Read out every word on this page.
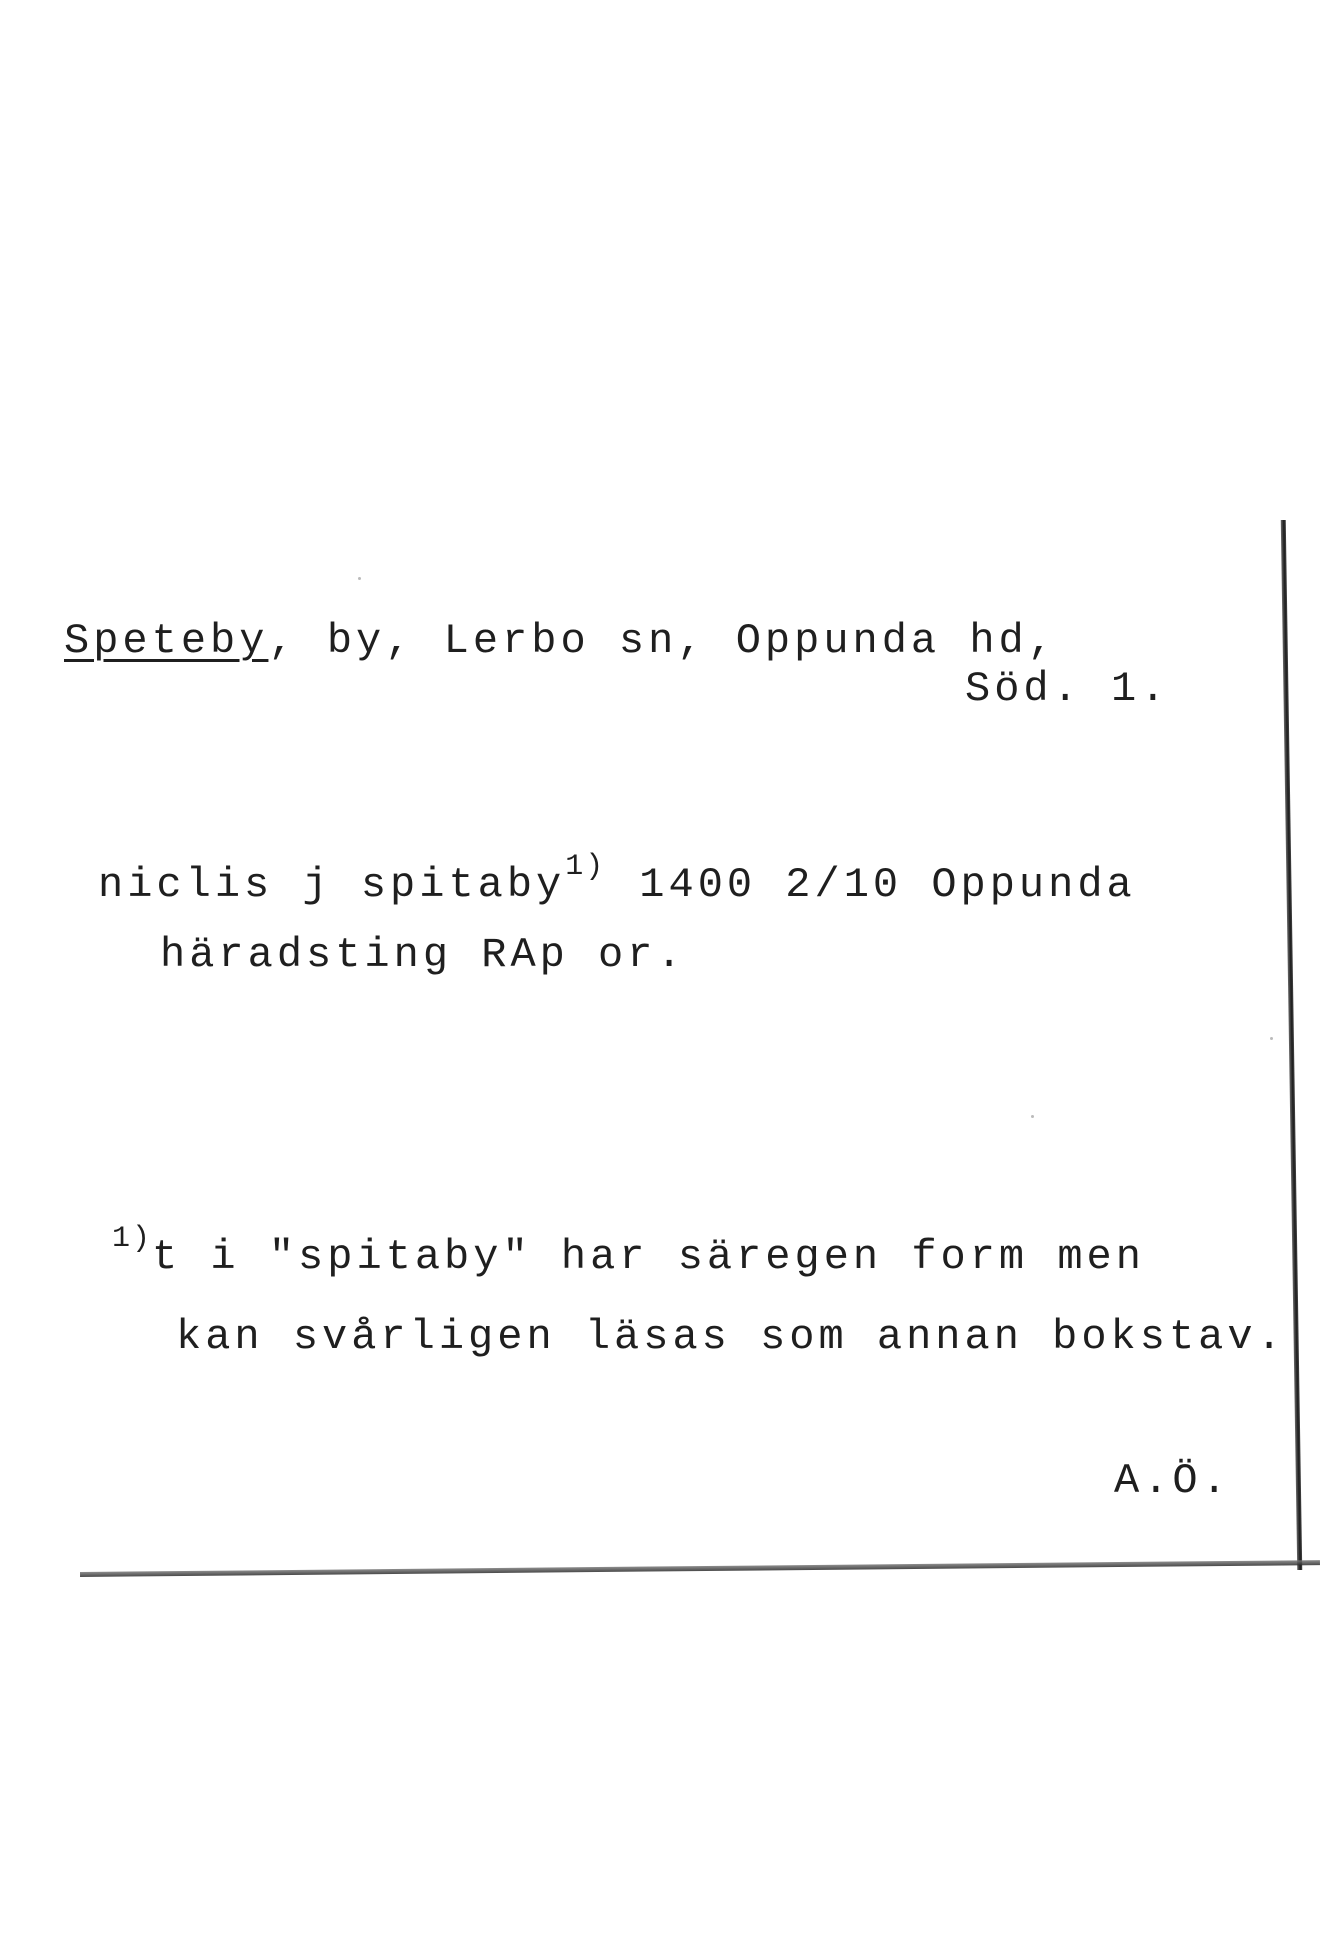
Speteby, by, Lerbo sn, Oppunda hd,
Söd. 1.
niclis j spitaby$^{1)}$ 1400 2/10 Oppunda
häradsting RAp or.
$^{1)}$t i "spitaby" har säregen form men
kan svårligen läsas som annan bokstav.
A.Ö.
